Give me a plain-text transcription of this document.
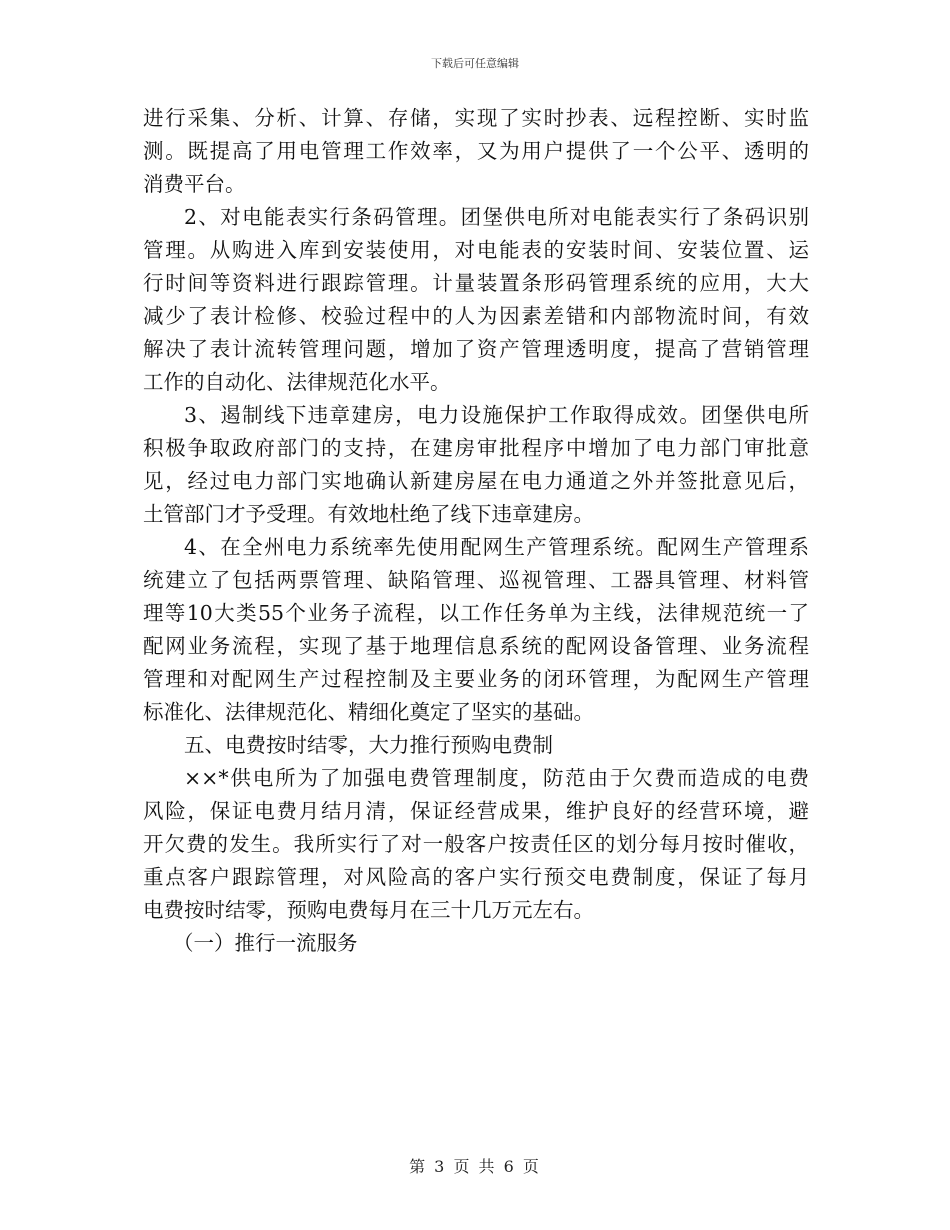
下载后可任意编辑
进行采集、分析、计算、存储，实现了实时抄表、远程控断、实时监
测。既提高了用电管理工作效率，又为用户提供了一个公平、透明的
消费平台。
2、对电能表实行条码管理。团堡供电所对电能表实行了条码识别
管理。从购进入库到安装使用，对电能表的安装时间、安装位置、运
行时间等资料进行跟踪管理。计量装置条形码管理系统的应用，大大
减少了表计检修、校验过程中的人为因素差错和内部物流时间，有效
解决了表计流转管理问题，增加了资产管理透明度，提高了营销管理
工作的自动化、法律规范化水平。
3、遏制线下违章建房，电力设施保护工作取得成效。团堡供电所
积极争取政府部门的支持，在建房审批程序中增加了电力部门审批意
见，经过电力部门实地确认新建房屋在电力通道之外并签批意见后，
土管部门才予受理。有效地杜绝了线下违章建房。
4、在全州电力系统率先使用配网生产管理系统。配网生产管理系
统建立了包括两票管理、缺陷管理、巡视管理、工器具管理、材料管
理等10大类55个业务子流程，以工作任务单为主线，法律规范统一了
配网业务流程，实现了基于地理信息系统的配网设备管理、业务流程
管理和对配网生产过程控制及主要业务的闭环管理，为配网生产管理
标准化、法律规范化、精细化奠定了坚实的基础。
五、电费按时结零，大力推行预购电费制
××*供电所为了加强电费管理制度，防范由于欠费而造成的电费
风险，保证电费月结月清，保证经营成果，维护良好的经营环境，避
开欠费的发生。我所实行了对一般客户按责任区的划分每月按时催收，
重点客户跟踪管理，对风险高的客户实行预交电费制度，保证了每月
电费按时结零，预购电费每月在三十几万元左右。
（一）推行一流服务
第 3 页 共 6 页
